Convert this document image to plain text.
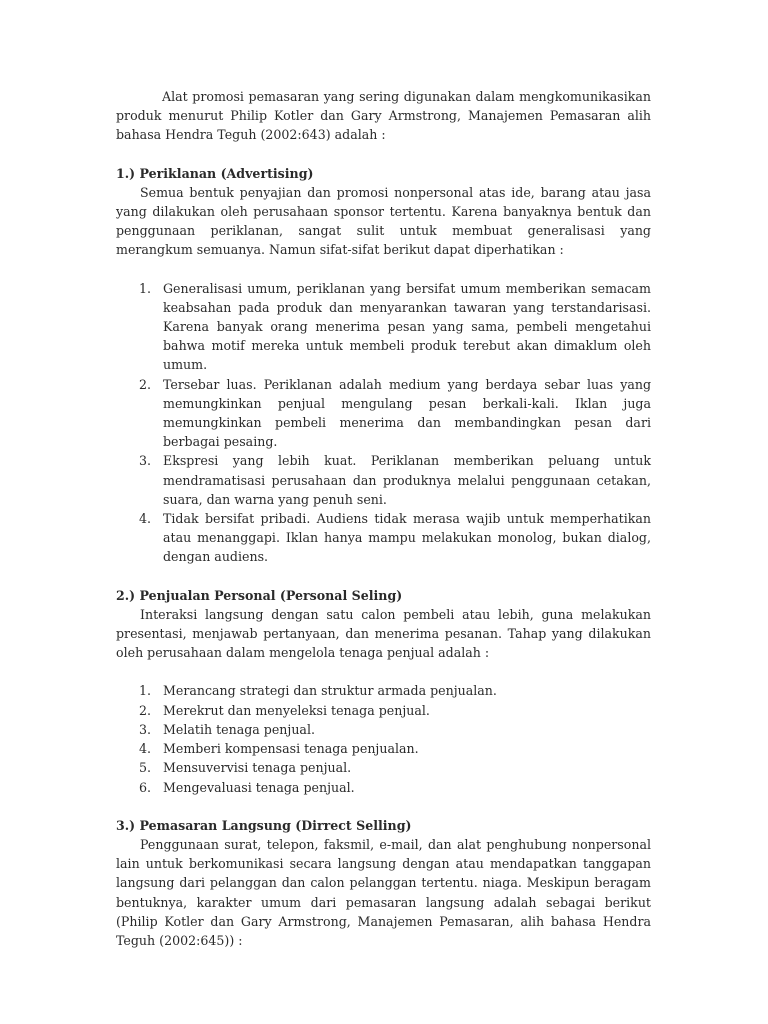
Alat promosi pemasaran yang sering digunakan dalam mengkomunikasikan produk menurut Philip Kotler dan Gary Armstrong, Manajemen Pemasaran alih bahasa Hendra Teguh (2002:643) adalah :

1.) Periklanan (Advertising)

Semua bentuk penyajian dan promosi nonpersonal atas ide, barang atau jasa yang dilakukan oleh perusahaan sponsor tertentu. Karena banyaknya bentuk dan penggunaan periklanan, sangat sulit untuk membuat generalisasi yang merangkum semuanya. Namun sifat-sifat berikut dapat diperhatikan :

1. Generalisasi umum, periklanan yang bersifat umum memberikan semacam keabsahan pada produk dan menyarankan tawaran yang terstandarisasi. Karena banyak orang menerima pesan yang sama, pembeli mengetahui bahwa motif mereka untuk membeli produk terebut akan dimaklum oleh umum.
2. Tersebar luas. Periklanan adalah medium yang berdaya sebar luas yang memungkinkan penjual mengulang pesan berkali-kali. Iklan juga memungkinkan pembeli menerima dan membandingkan pesan dari berbagai pesaing.
3. Ekspresi yang lebih kuat. Periklanan memberikan peluang untuk mendramatisasi perusahaan dan produknya melalui penggunaan cetakan, suara, dan warna yang penuh seni.
4. Tidak bersifat pribadi. Audiens tidak merasa wajib untuk memperhatikan atau menanggapi. Iklan hanya mampu melakukan monolog, bukan dialog, dengan audiens.

2.) Penjualan Personal (Personal Seling)

Interaksi langsung dengan satu calon pembeli atau lebih, guna melakukan presentasi, menjawab pertanyaan, dan menerima pesanan. Tahap yang dilakukan oleh perusahaan dalam mengelola tenaga penjual adalah :

1. Merancang strategi dan struktur armada penjualan.
2. Merekrut dan menyeleksi tenaga penjual.
3. Melatih tenaga penjual.
4. Memberi kompensasi tenaga penjualan.
5. Mensuvervisi tenaga penjual.
6. Mengevaluasi tenaga penjual.

3.) Pemasaran Langsung (Dirrect Selling)

Penggunaan surat, telepon, faksmil, e-mail, dan alat penghubung nonpersonal lain untuk berkomunikasi secara langsung dengan atau mendapatkan tanggapan langsung dari pelanggan dan calon pelanggan tertentu. niaga. Meskipun beragam bentuknya, karakter umum dari pemasaran langsung adalah sebagai berikut (Philip Kotler dan Gary Armstrong, Manajemen Pemasaran, alih bahasa Hendra Teguh (2002:645)) :
